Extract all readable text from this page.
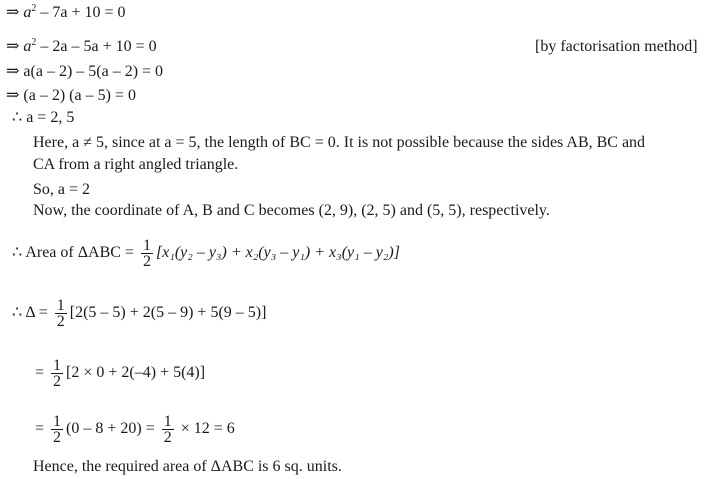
⇒ $a^2 - 7a + 10 = 0$
⇒ $a^2 - 2a - 5a + 10 = 0$	[by factorisation method]
⇒ a(a – 2) – 5(a – 2) = 0
⇒ (a – 2) (a – 5) = 0
∴ a = 2, 5
Here, a ≠ 5, since at a = 5, the length of BC = 0. It is not possible because the sides AB, BC and
CA from a right angled triangle.
So, a = 2
Now, the coordinate of A, B and C becomes (2, 9), (2, 5) and (5, 5), respectively.
∴ Area of $\Delta ABC = \frac{1}{2} [x_1(y_2 - y_3) + x_2(y_3 - y_1) + x_3(y_1 - y_2)]$
∴ $\Delta = \frac{1}{2} [2(5 - 5) + 2(5 - 9) + 5(9 - 5)]$
= $\frac{1}{2} [2 \times 0 + 2(-4) + 5(4)]$
= $\frac{1}{2} (0 - 8 + 20) = \frac{1}{2} \times 12 = 6$
Hence, the required area of ΔABC is 6 sq. units.
